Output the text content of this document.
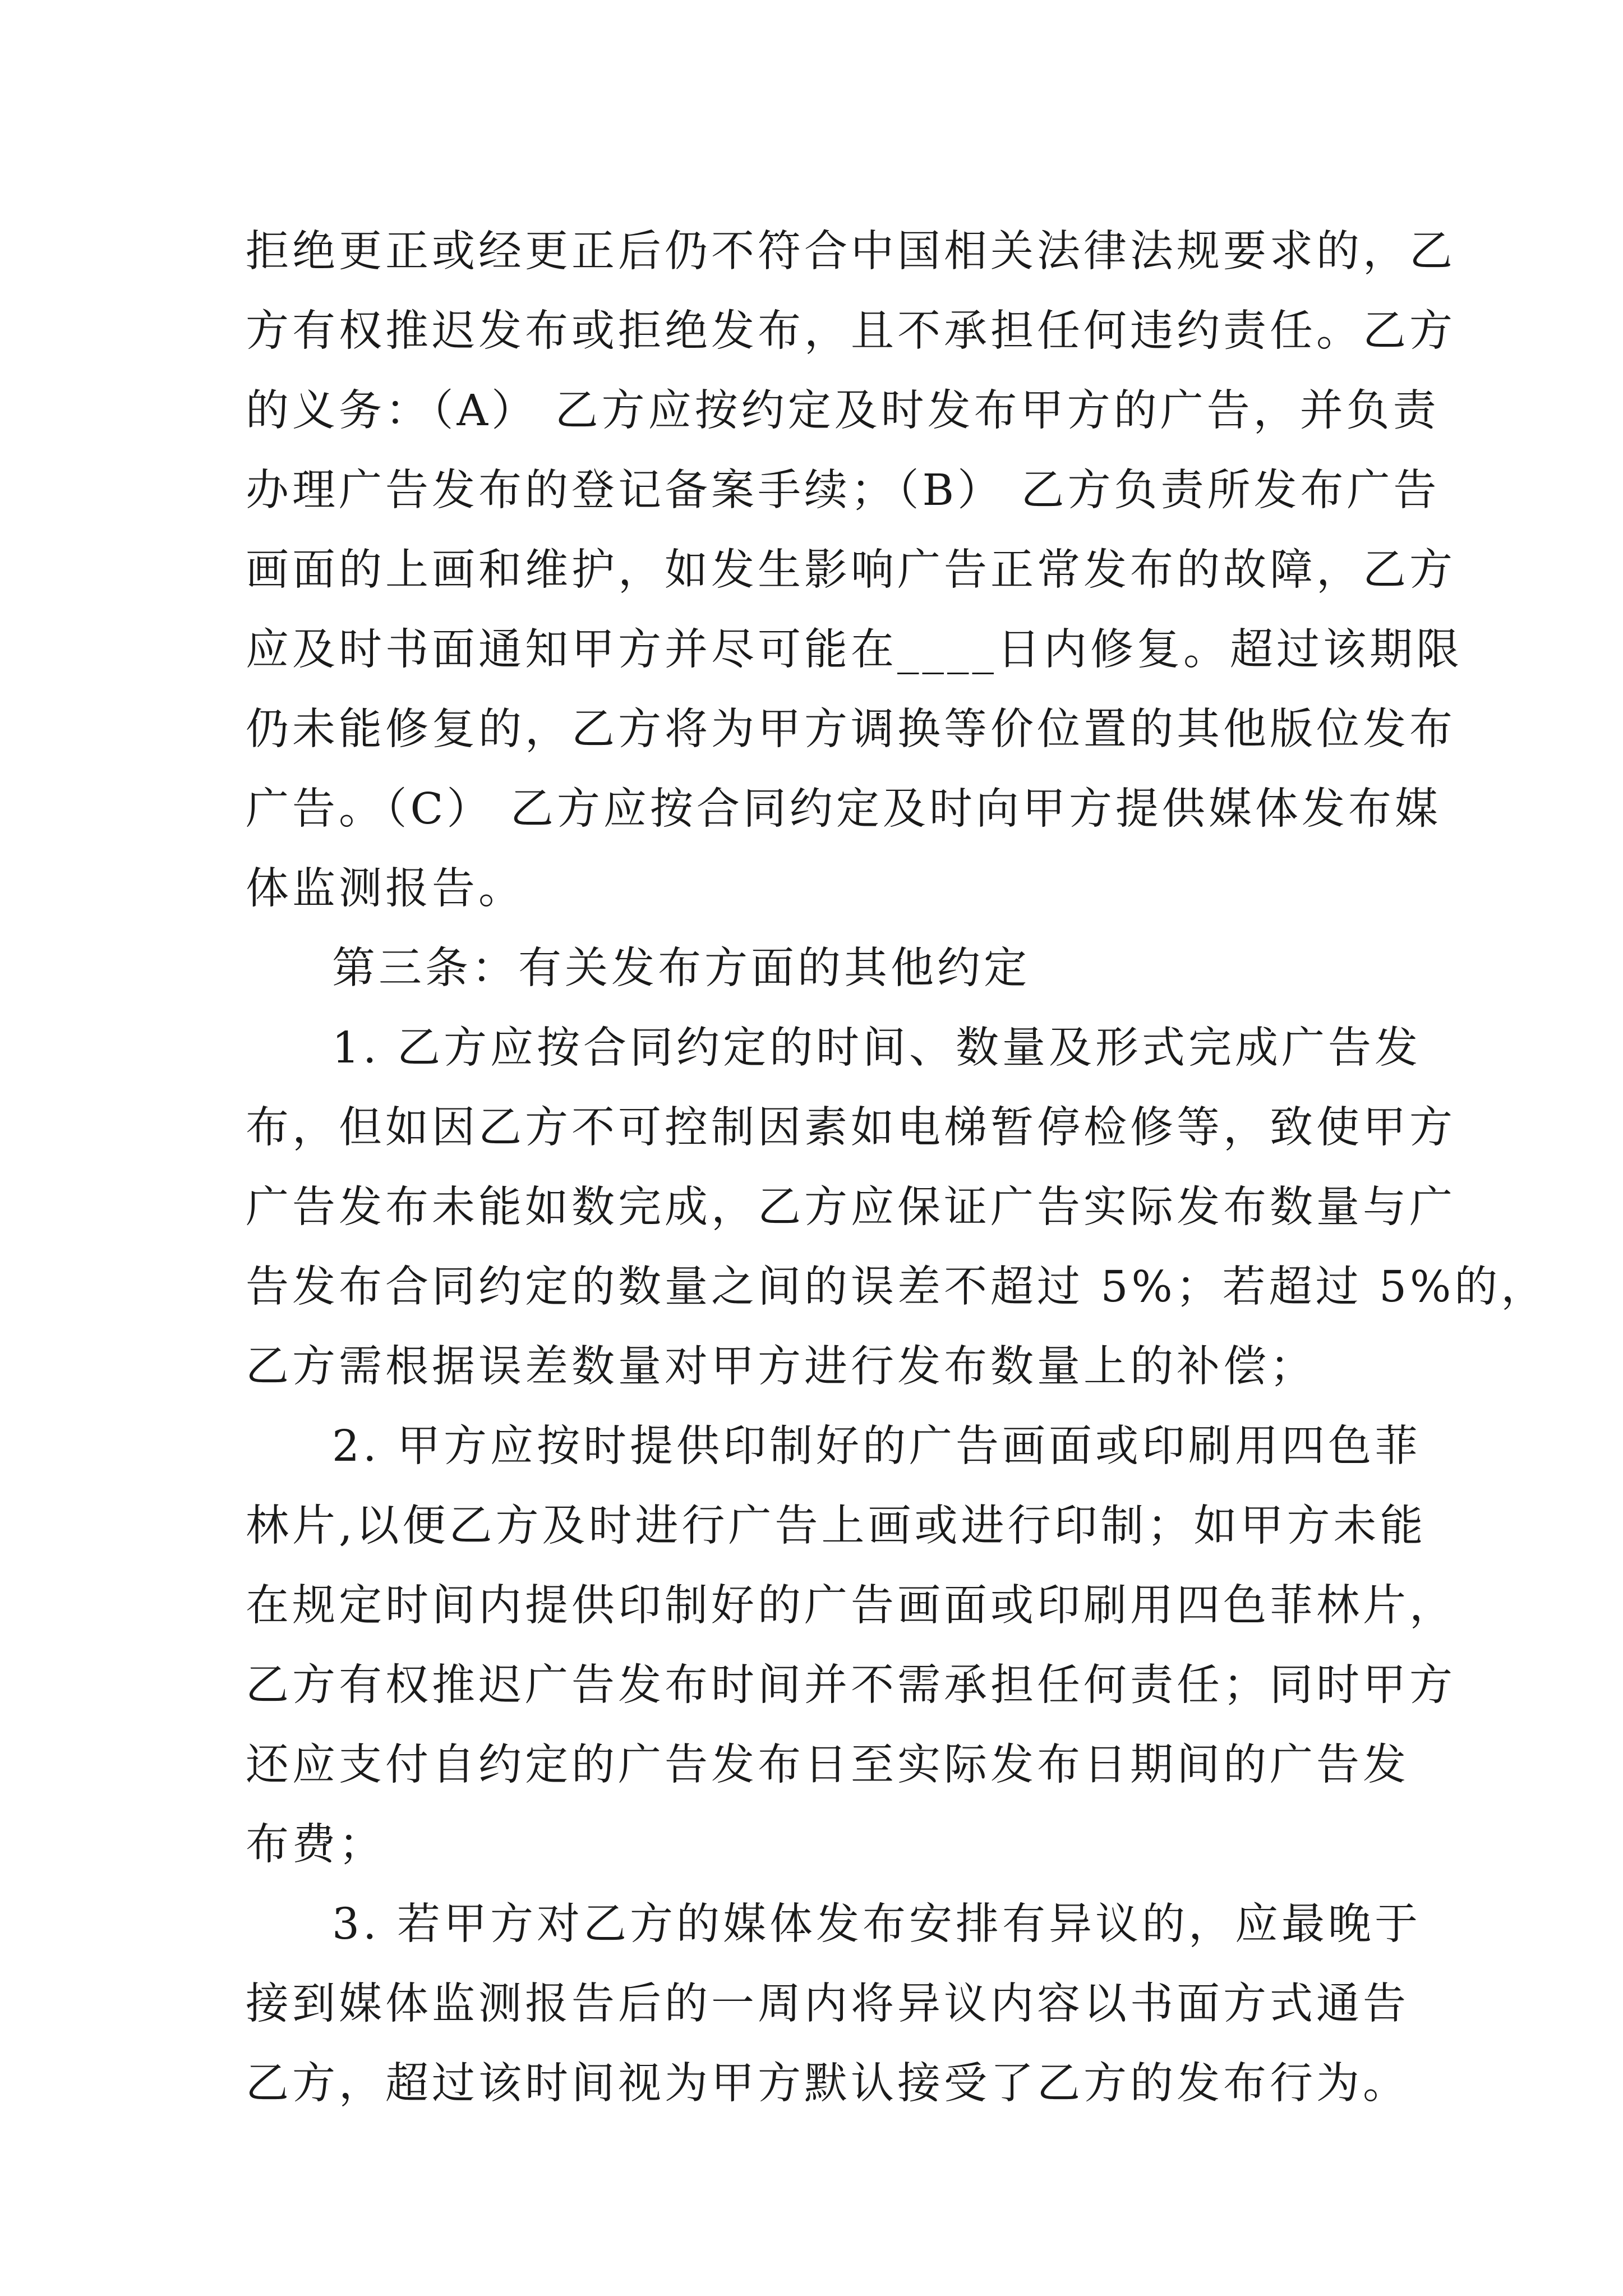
拒绝更正或经更正后仍不符合中国相关法律法规要求的，乙
方有权推迟发布或拒绝发布，且不承担任何违约责任。乙方
的义务：（A） 乙方应按约定及时发布甲方的广告，并负责
办理广告发布的登记备案手续；（B） 乙方负责所发布广告
画面的上画和维护，如发生影响广告正常发布的故障，乙方
应及时书面通知甲方并尽可能在____日内修复。超过该期限
仍未能修复的，乙方将为甲方调换等价位置的其他版位发布
广告。（C） 乙方应按合同约定及时向甲方提供媒体发布媒
体监测报告。
第三条：有关发布方面的其他约定
1. 乙方应按合同约定的时间、数量及形式完成广告发
布，但如因乙方不可控制因素如电梯暂停检修等，致使甲方
广告发布未能如数完成，乙方应保证广告实际发布数量与广
告发布合同约定的数量之间的误差不超过 5%；若超过 5%的，
乙方需根据误差数量对甲方进行发布数量上的补偿；
2. 甲方应按时提供印制好的广告画面或印刷用四色菲
林片,以便乙方及时进行广告上画或进行印制；如甲方未能
在规定时间内提供印制好的广告画面或印刷用四色菲林片，
乙方有权推迟广告发布时间并不需承担任何责任；同时甲方
还应支付自约定的广告发布日至实际发布日期间的广告发
布费；
3. 若甲方对乙方的媒体发布安排有异议的，应最晚于
接到媒体监测报告后的一周内将异议内容以书面方式通告
乙方，超过该时间视为甲方默认接受了乙方的发布行为。
